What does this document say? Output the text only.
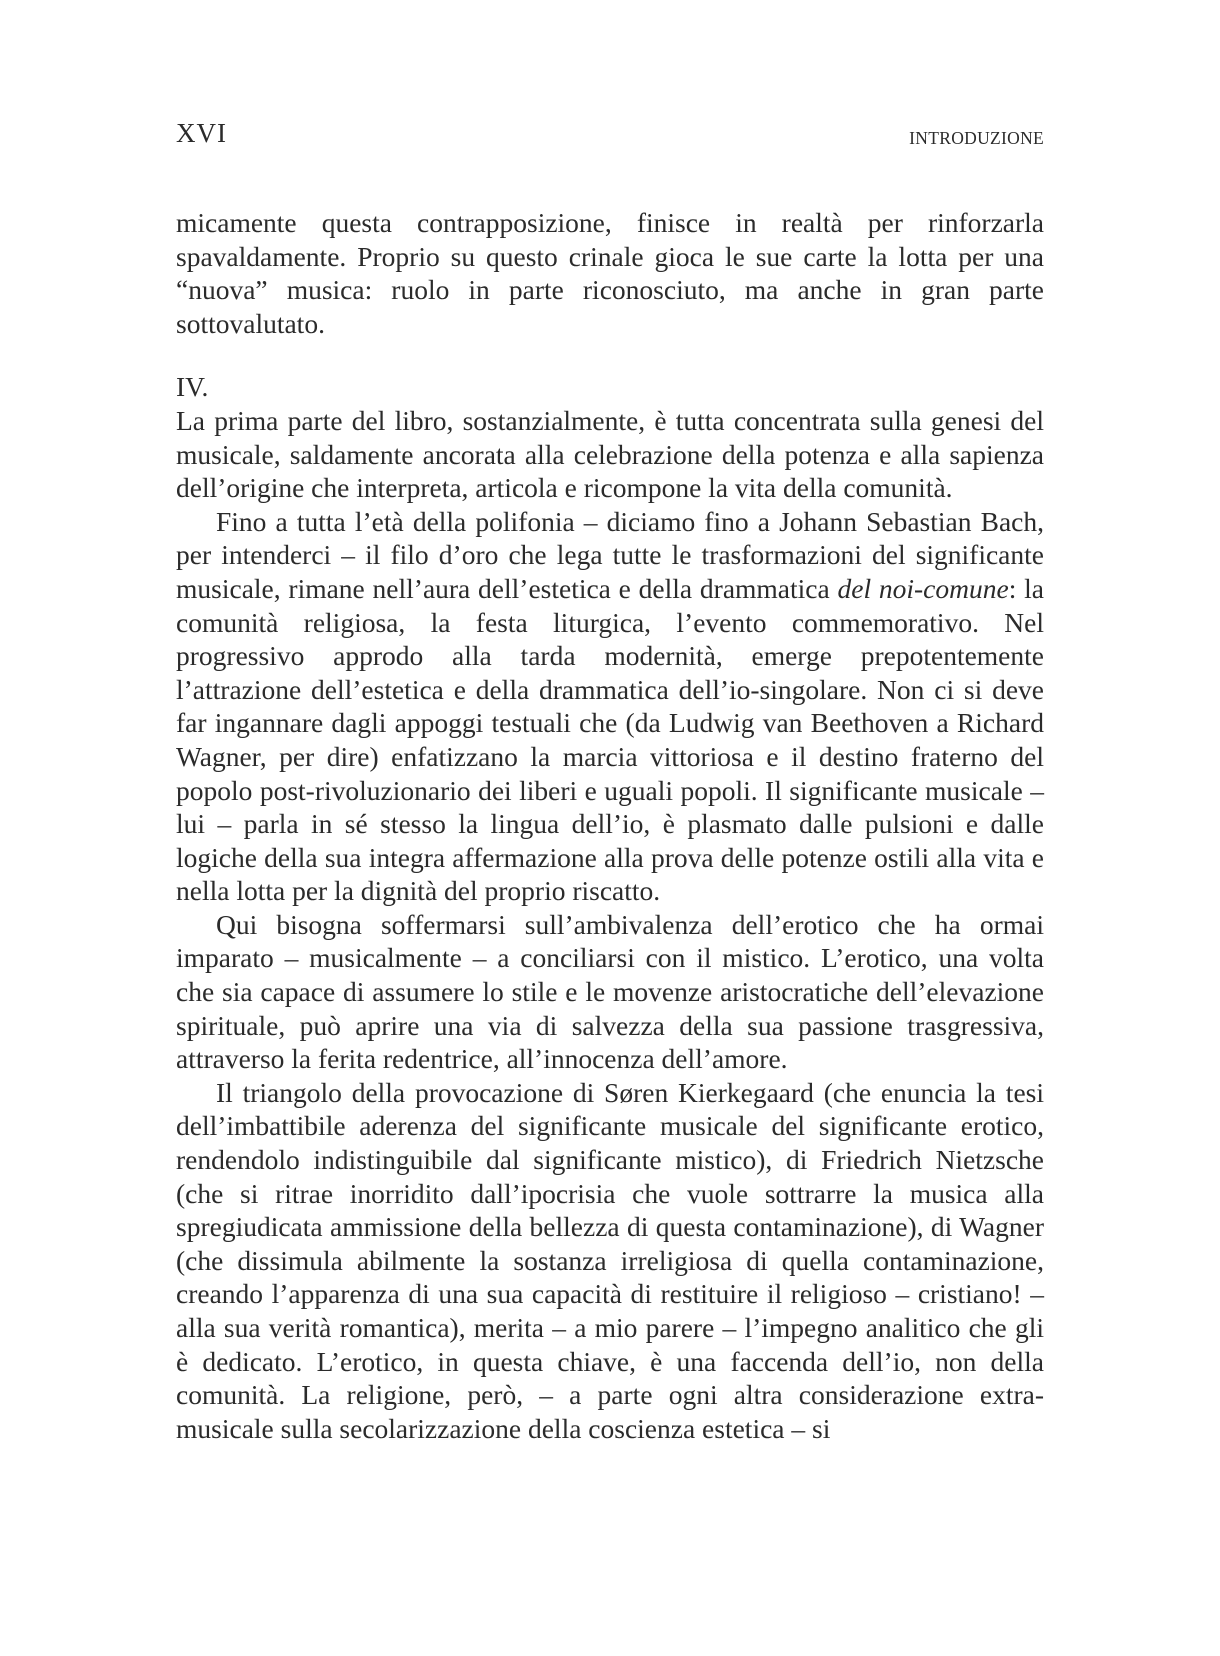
XVI	INTRODUZIONE

micamente questa contrapposizione, finisce in realtà per rinforzarla spavaldamente. Proprio su questo crinale gioca le sue carte la lotta per una “nuova” musica: ruolo in parte riconosciuto, ma anche in gran parte sottovalutato.

IV.

La prima parte del libro, sostanzialmente, è tutta concentrata sulla genesi del musicale, saldamente ancorata alla celebrazione della potenza e alla sapienza dell’origine che interpreta, articola e ricompone la vita della comunità.

Fino a tutta l’età della polifonia – diciamo fino a Johann Sebastian Bach, per intenderci – il filo d’oro che lega tutte le trasformazioni del significante musicale, rimane nell’aura dell’estetica e della drammatica del noi-comune: la comunità religiosa, la festa liturgica, l’evento commemorativo. Nel progressivo approdo alla tarda modernità, emerge prepotentemente l’attrazione dell’estetica e della drammatica dell’io-singolare. Non ci si deve far ingannare dagli appoggi testuali che (da Ludwig van Beethoven a Richard Wagner, per dire) enfatizzano la marcia vittoriosa e il destino fraterno del popolo post-rivoluzionario dei liberi e uguali popoli. Il significante musicale – lui – parla in sé stesso la lingua dell’io, è plasmato dalle pulsioni e dalle logiche della sua integra affermazione alla prova delle potenze ostili alla vita e nella lotta per la dignità del proprio riscatto.

Qui bisogna soffermarsi sull’ambivalenza dell’erotico che ha ormai imparato – musicalmente – a conciliarsi con il mistico. L’erotico, una volta che sia capace di assumere lo stile e le movenze aristocratiche dell’elevazione spirituale, può aprire una via di salvezza della sua passione trasgressiva, attraverso la ferita redentrice, all’innocenza dell’amore.

Il triangolo della provocazione di Søren Kierkegaard (che enuncia la tesi dell’imbattibile aderenza del significante musicale del significante erotico, rendendolo indistinguibile dal significante mistico), di Friedrich Nietzsche (che si ritrae inorridito dall’ipocrisia che vuole sottrarre la musica alla spregiudicata ammissione della bellezza di questa contaminazione), di Wagner (che dissimula abilmente la sostanza irreligiosa di quella contaminazione, creando l’apparenza di una sua capacità di restituire il religioso – cristiano! – alla sua verità romantica), merita – a mio parere – l’impegno analitico che gli è dedicato. L’erotico, in questa chiave, è una faccenda dell’io, non della comunità. La religione, però, – a parte ogni altra considerazione extra-musicale sulla secolarizzazione della coscienza estetica – si
